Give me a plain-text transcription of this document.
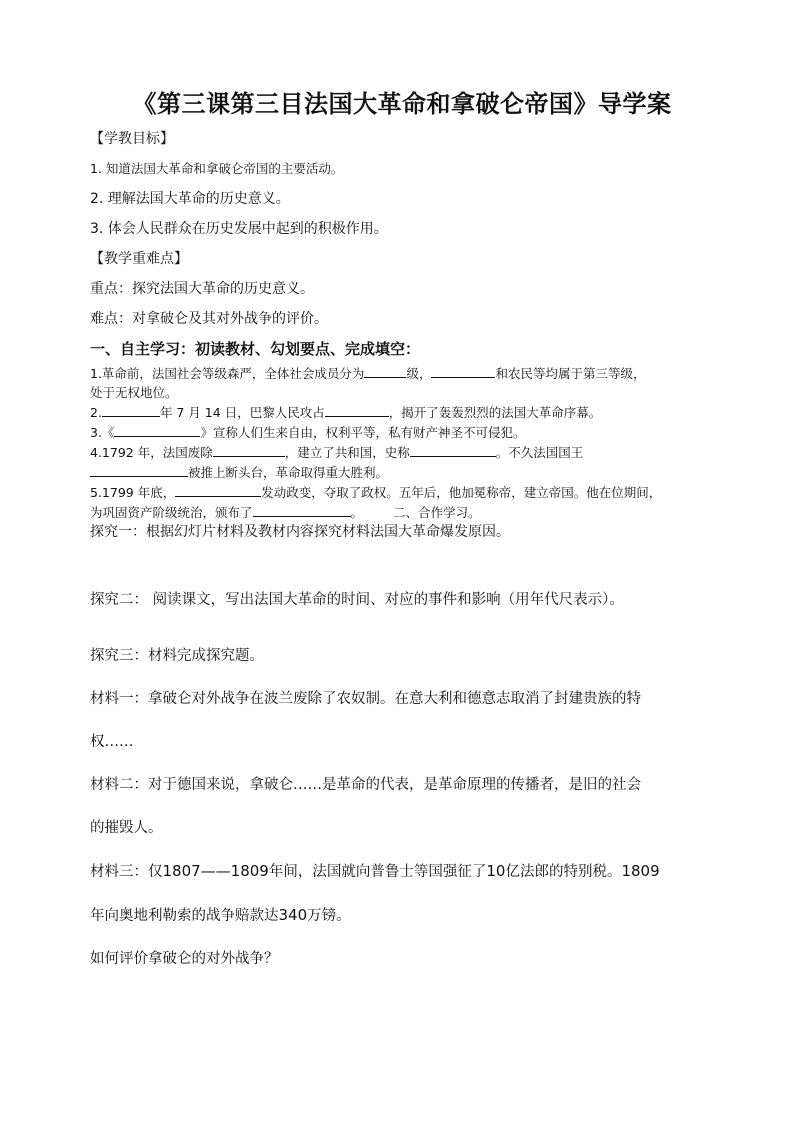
《第三课第三目法国大革命和拿破仑帝国》导学案

【学教目标】

1. 知道法国大革命和拿破仑帝国的主要活动。

2. 理解法国大革命的历史意义。

3. 体会人民群众在历史发展中起到的积极作用。

【教学重难点】

重点：探究法国大革命的历史意义。

难点：对拿破仑及其对外战争的评价。

一、自主学习：初读教材、勾划要点、完成填空：

1.革命前，法国社会等级森严，全体社会成员分为	级，	和农民等均属于第三等级，
处于无权地位。
2.	年 7 月 14 日，巴黎人民攻占	，揭开了轰轰烈烈的法国大革命序幕。
3.《	》宣称人们生来自由，权利平等，私有财产神圣不可侵犯。
4.1792 年，法国废除	，建立了共和国，史称	。不久法国国王
被推上断头台，革命取得重大胜利。
5.1799 年底，	发动政变，夺取了政权。五年后，他加冕称帝，建立帝国。他在位期间，
为巩固资产阶级统治，颁布了	。 二、合作学习。

探究一：根据幻灯片材料及教材内容探究材料法国大革命爆发原因。

探究二： 阅读课文，写出法国大革命的时间、对应的事件和影响（用年代尺表示）。

探究三：材料完成探究题。

材料一：拿破仑对外战争在波兰废除了农奴制。在意大利和德意志取消了封建贵族的特

权……

材料二：对于德国来说，拿破仑……是革命的代表，是革命原理的传播者，是旧的社会

的摧毁人。

材料三：仅1807——1809年间，法国就向普鲁士等国强征了10亿法郎的特别税。1809

年向奥地利勒索的战争赔款达340万镑。

如何评价拿破仑的对外战争？
